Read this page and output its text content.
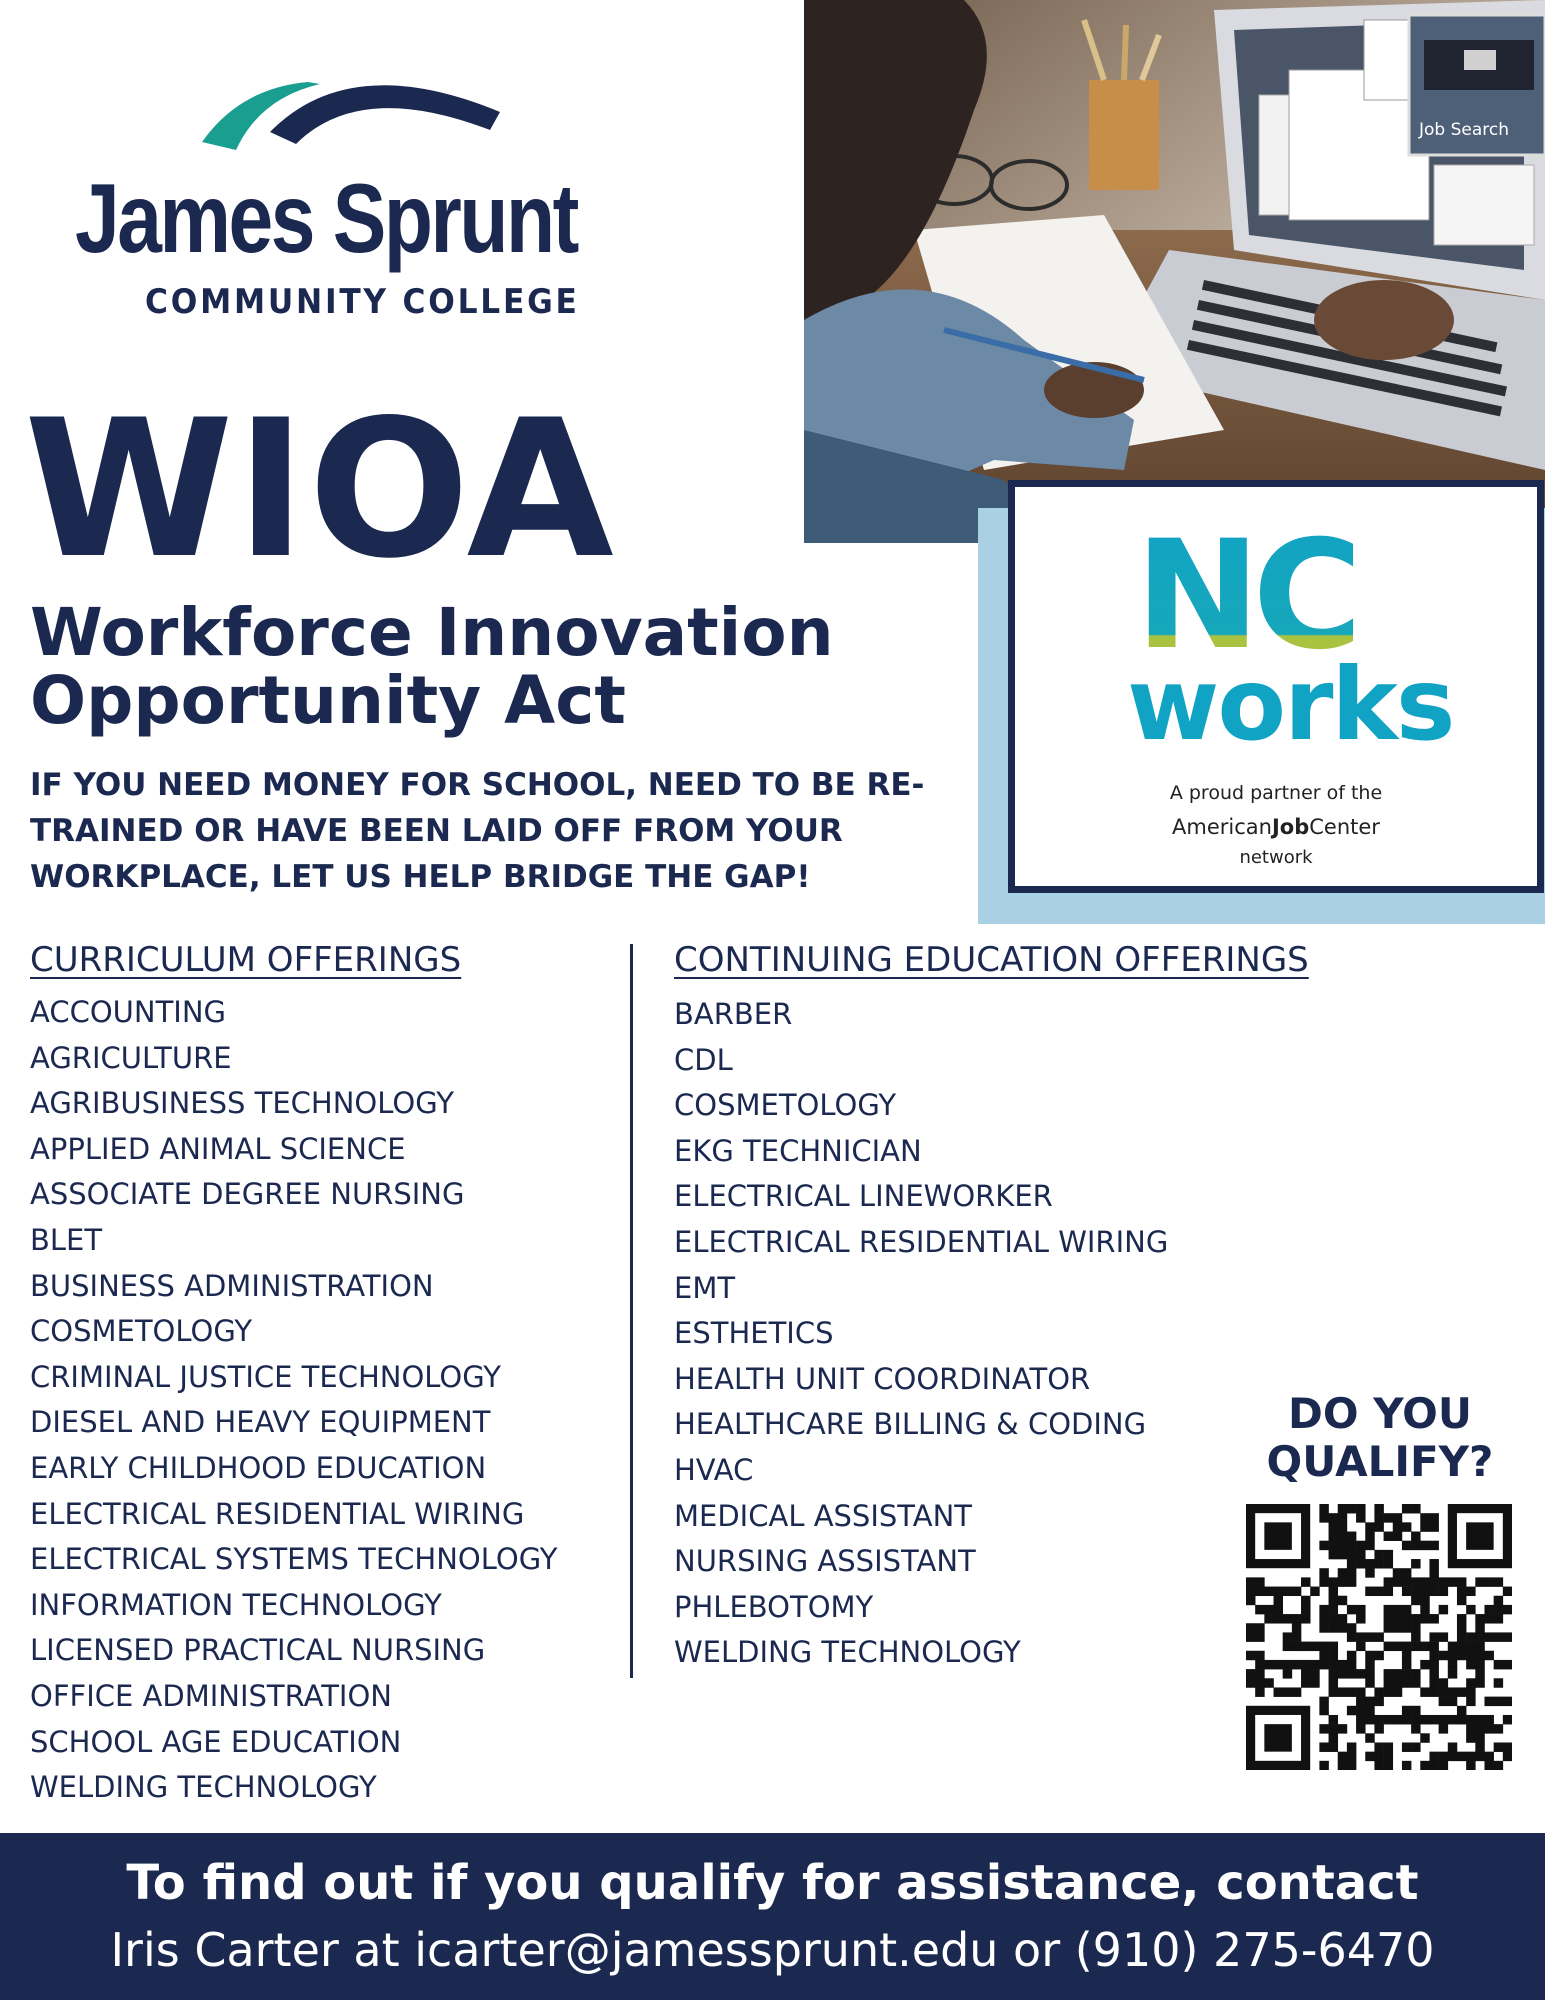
James Sprunt
COMMUNITY COLLEGE
Job Search
WIOA
Workforce Innovation
Opportunity Act
IF YOU NEED MONEY FOR SCHOOL, NEED TO BE RE-TRAINED OR HAVE BEEN LAID OFF FROM YOUR WORKPLACE, LET US HELP BRIDGE THE GAP!
NC
works
A proud partner of the
AmericanJobCenter
network
CURRICULUM OFFERINGS
ACCOUNTING
AGRICULTURE
AGRIBUSINESS TECHNOLOGY
APPLIED ANIMAL SCIENCE
ASSOCIATE DEGREE NURSING
BLET
BUSINESS ADMINISTRATION
COSMETOLOGY
CRIMINAL JUSTICE TECHNOLOGY
DIESEL AND HEAVY EQUIPMENT
EARLY CHILDHOOD EDUCATION
ELECTRICAL RESIDENTIAL WIRING
ELECTRICAL SYSTEMS TECHNOLOGY
INFORMATION TECHNOLOGY
LICENSED PRACTICAL NURSING
OFFICE ADMINISTRATION
SCHOOL AGE EDUCATION
WELDING TECHNOLOGY
CONTINUING EDUCATION OFFERINGS
BARBER
CDL
COSMETOLOGY
EKG TECHNICIAN
ELECTRICAL LINEWORKER
ELECTRICAL RESIDENTIAL WIRING
EMT
ESTHETICS
HEALTH UNIT COORDINATOR
HEALTHCARE BILLING & CODING
HVAC
MEDICAL ASSISTANT
NURSING ASSISTANT
PHLEBOTOMY
WELDING TECHNOLOGY
DO YOU
QUALIFY?
To find out if you qualify for assistance, contact
Iris Carter at icarter@jamessprunt.edu or (910) 275-6470
